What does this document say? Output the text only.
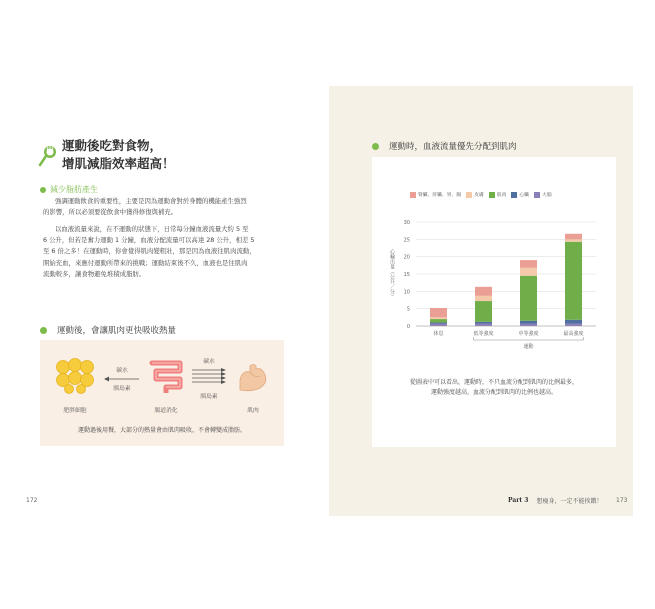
運動後吃對食物，
增肌減脂效率超高！
減少脂肪產生
強調運動飲食的重要性，主要是因為運動會對於身體的機能產生強烈
的影響，所以必須要從飲食中獲得修復與補充。
以血液流量來說，在不運動的狀態下，日常每分鐘血液流量大約 5 至
6 公升，但若是奮力運動 1 分鐘，血液分配流量可以高達 28 公升，相差 5
至 6 倍之多！在運動時，你會覺得肌肉變粗壯，那是因為血液往肌肉流動，
開始充血，來應付運動所帶來的挑戰；運動結束後不久，血液也是往肌肉
流動較多，讓食物避免堆積成脂肪。
運動後，會讓肌肉更快吸收熱量
碳水
胰島素
碳水
胰島素
肥胖細胞	腸道消化	肌肉
運動過後用餐，大部分的熱量會由肌肉吸收，不會轉變成脂肪。
172
運動時，血液流量優先分配到肌肉
腎臟、肝臟、胃、腸	皮膚	肌肉	心臟	大腦
0
5
10
15
20
25
30
心輸出量（公升／分）
休息	低等強度	中等強度	最高強度
運動
從圖表中可以看出，運動時，不只血流分配到肌肉的比例最多，
運動強度越高，血流分配到肌肉的比例也越高。
Part 3 想瘦身，一定不能挨餓！ 173
